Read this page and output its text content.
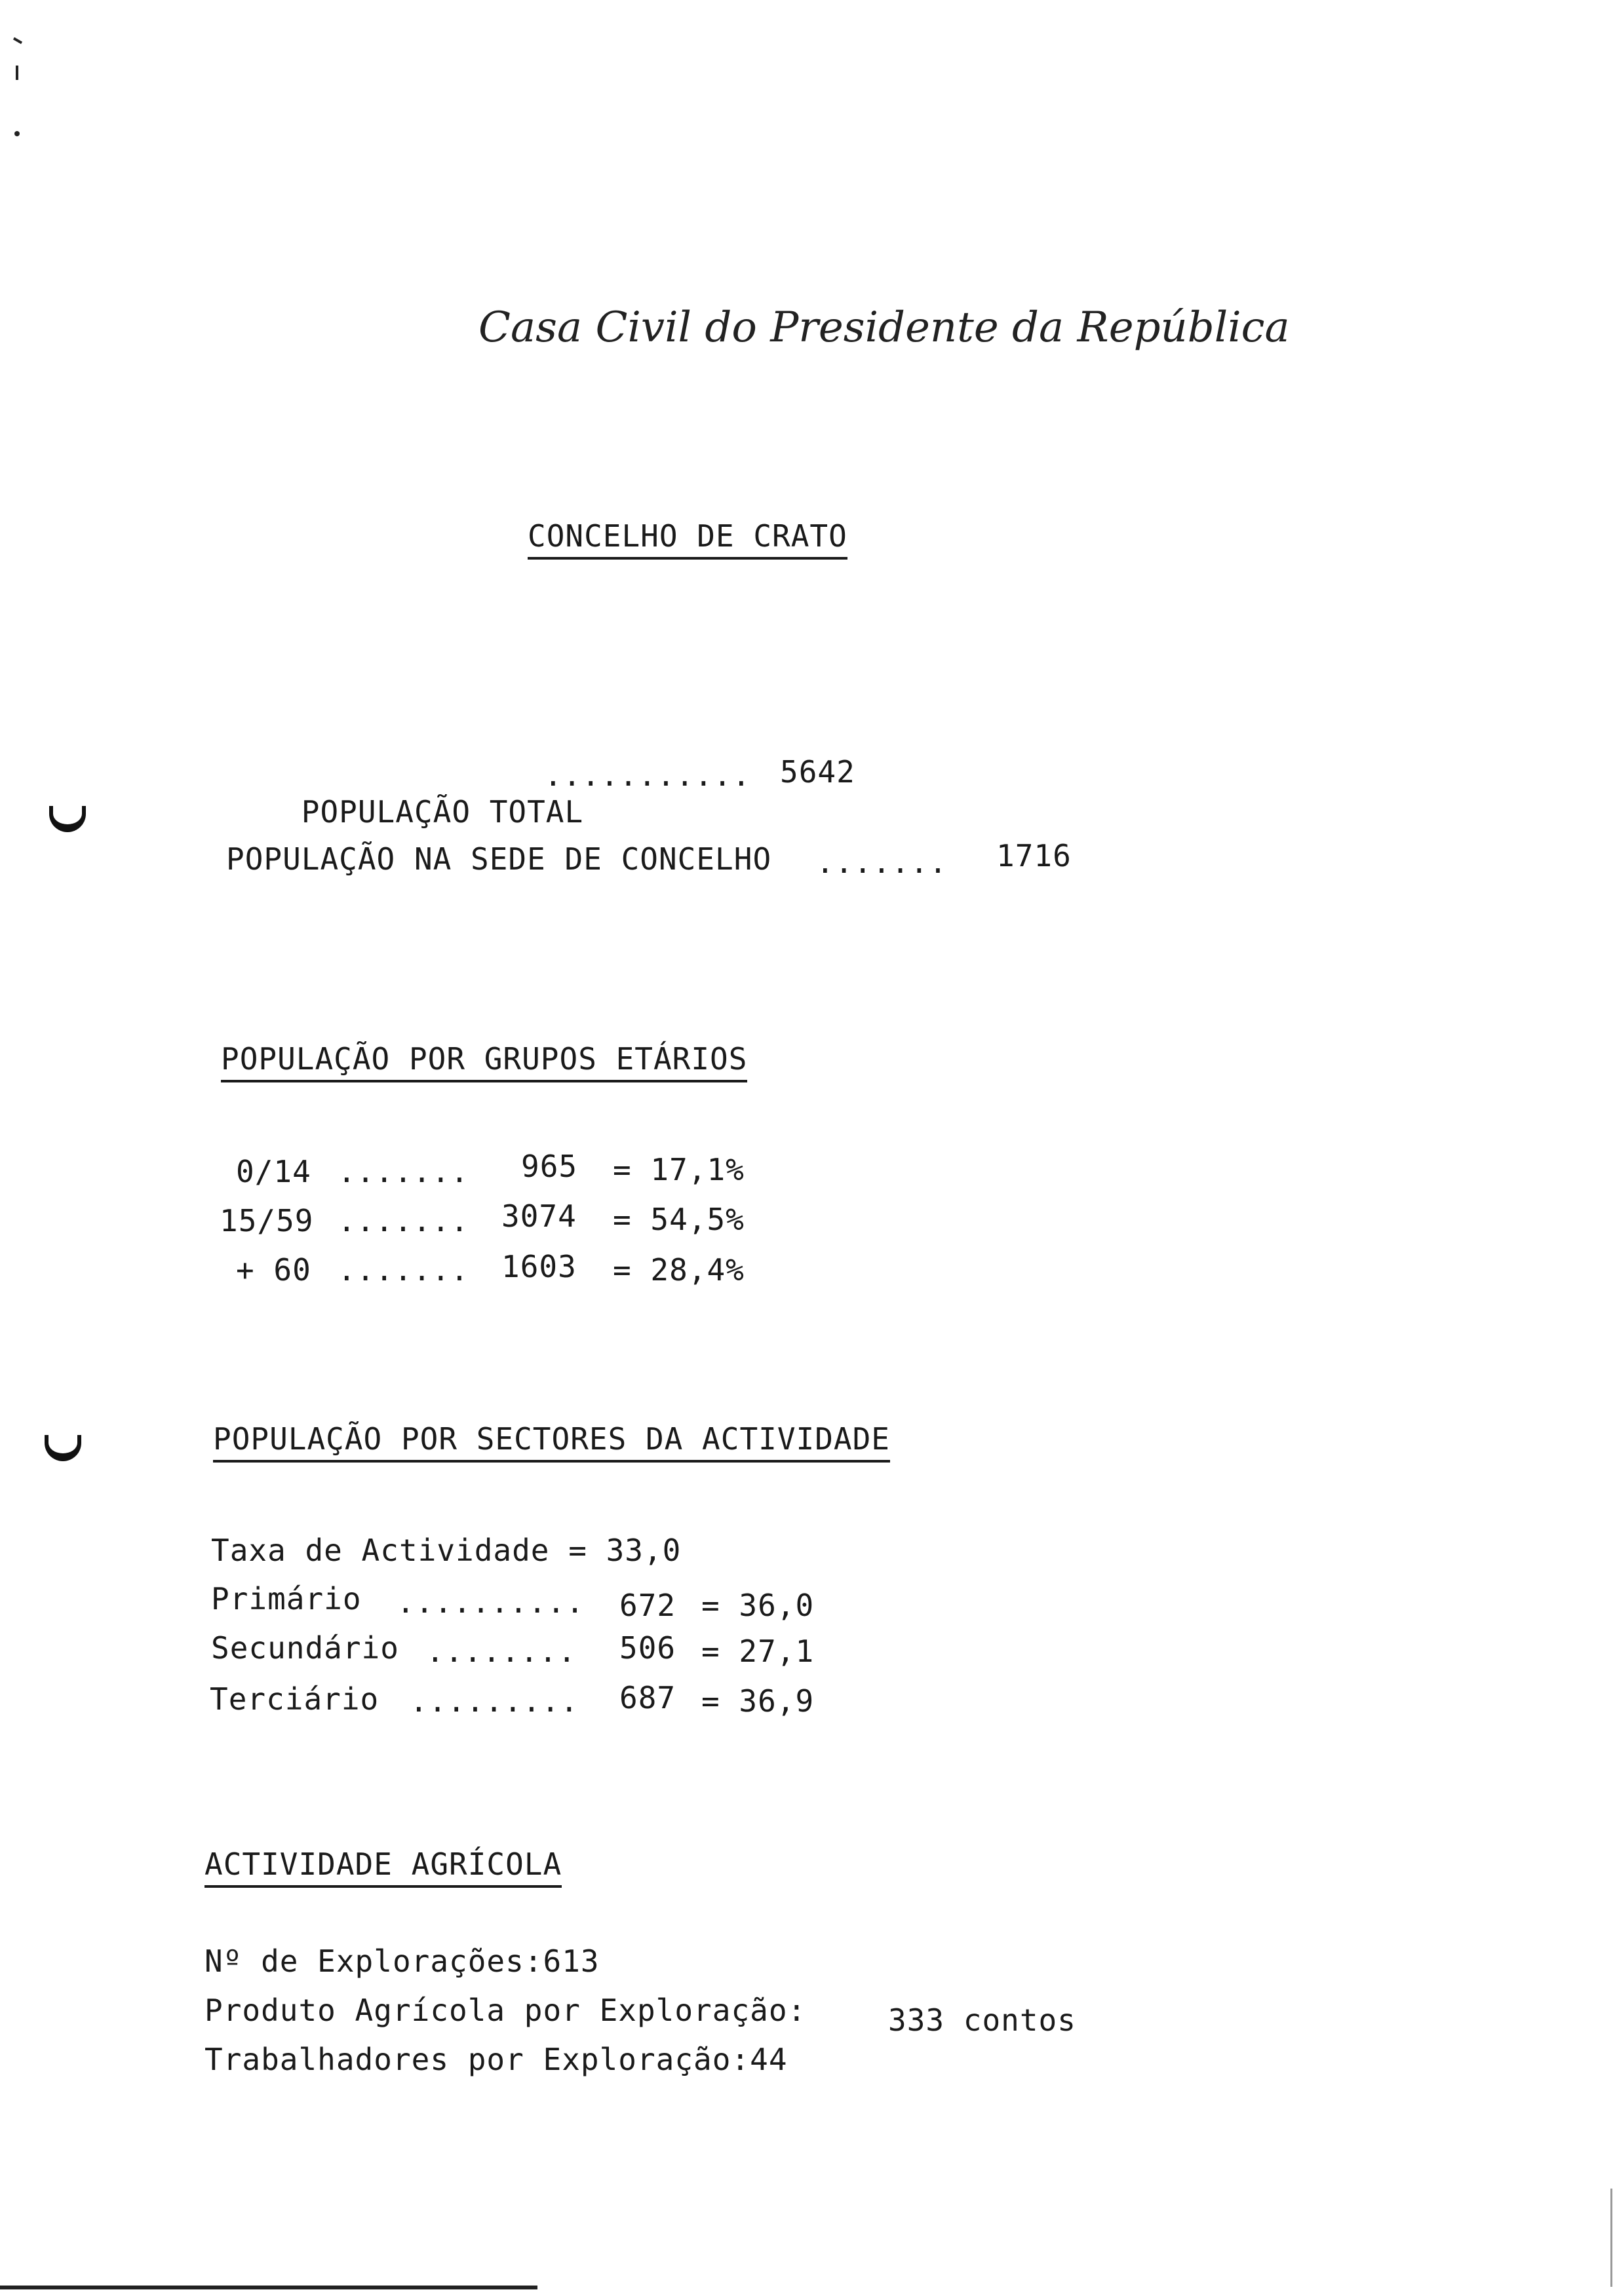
Casa Civil do Presidente da República
CONCELHO DE CRATO

POPULAÇÃO TOTAL

........... 5642
POPULAÇÃO NA SEDE DE CONCELHO ....... 1716
POPULAÇÃO POR GRUPOS ETÁRIOS
0/14 ....... 965 = 17,1%
15/59 ....... 3074 = 54,5%
+ 60 ....... 1603 = 28,4%
POPULAÇÃO POR SECTORES DA ACTIVIDADE
Taxa de Actividade = 33,0
Primário .......... 672 = 36,0
Secundário ........ 506 = 27,1
Terciário ......... 687 = 36,9
ACTIVIDADE AGRÍCOLA
Nº de Explorações:613
Produto Agrícola por Exploração:	333 contos
Trabalhadores por Exploração:44
